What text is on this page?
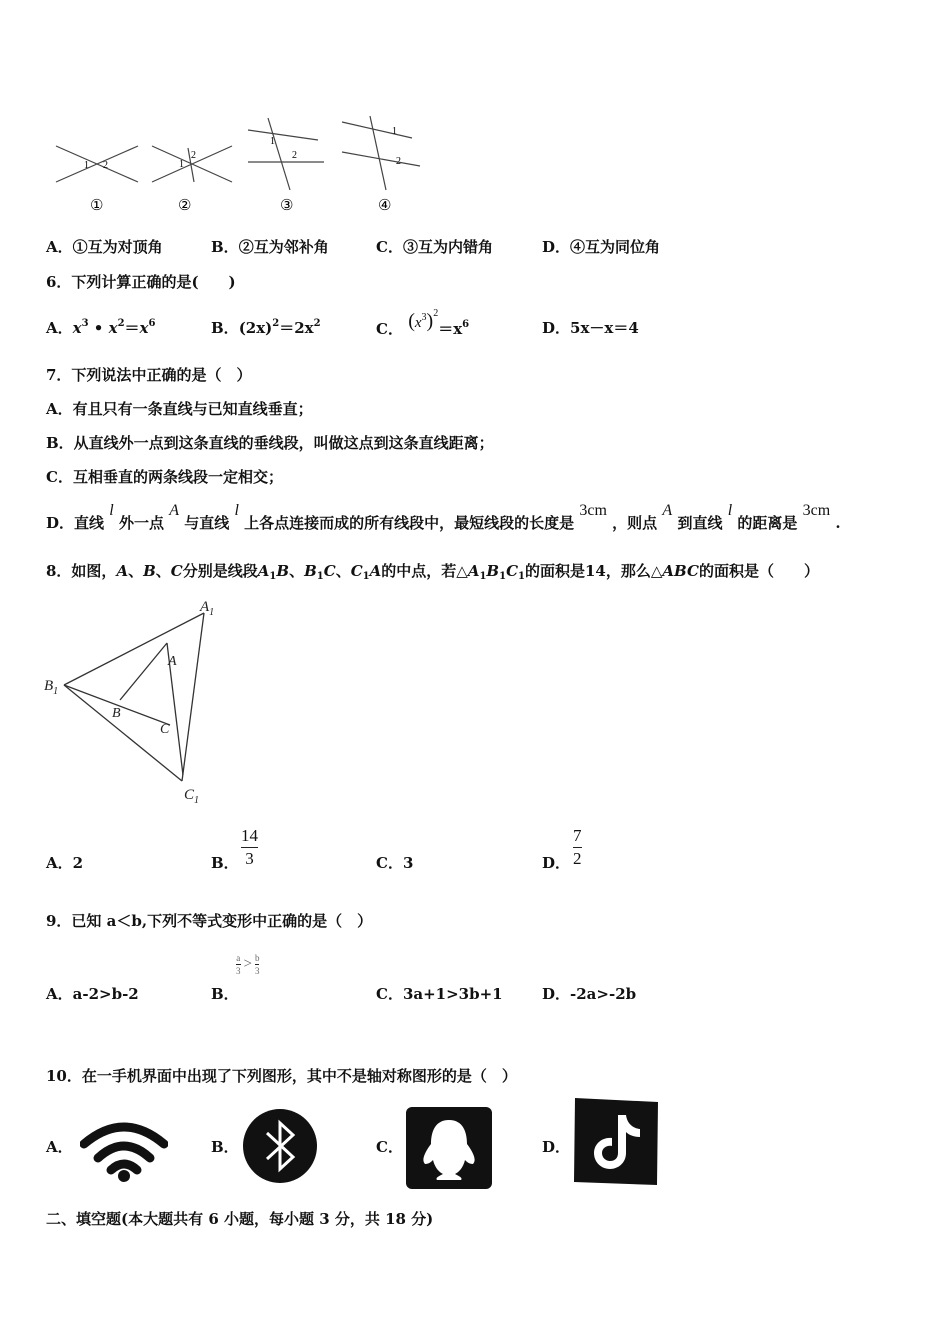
1 2	1
2
1
2
1
2
①	②	③	④
A．①互为对顶角	B．②互为邻补角	C．③互为内错角	D．④互为同位角
6．下列计算正确的是(　　)
A．$x^3$ • $x^2=x^6$	B．$(2x)^2=2x^2$	C． $(x^3)^2=x^6$	D．5x－x＝4
7．下列说法中正确的是（　）
A．有且只有一条直线与已知直线垂直；
B．从直线外一点到这条直线的垂线段，叫做这点到这条直线距离；
C．互相垂直的两条线段一定相交；
D．直线 l 外一点 A 与直线 l 上各点连接而成的所有线段中，最短线段的长度是 3cm ，则点 A 到直线 l 的距离是 3cm .
8．如图，A、B、C分别是线段$A_1B$、$B_1C$、$C_1A$的中点，若$\triangle A_1B_1C_1$的面积是14，那么△ABC的面积是（　　）
$A_1$
$B_1$
$C_1$
A
B
C
A．2	B．
14
3	C．3	D．
7
2
9．已知 a＜b,下列不等式变形中正确的是（　）
A．a-2>b-2	B．
$\frac{a}{3} > \frac{b}{3}$
C．3a+1>3b+1	D．-2a>-2b
10．在一手机界面中出现了下列图形，其中不是轴对称图形的是（　）
A．	B．	C．	D．
二、填空题(本大题共有 6 小题，每小题 3 分，共 18 分)
